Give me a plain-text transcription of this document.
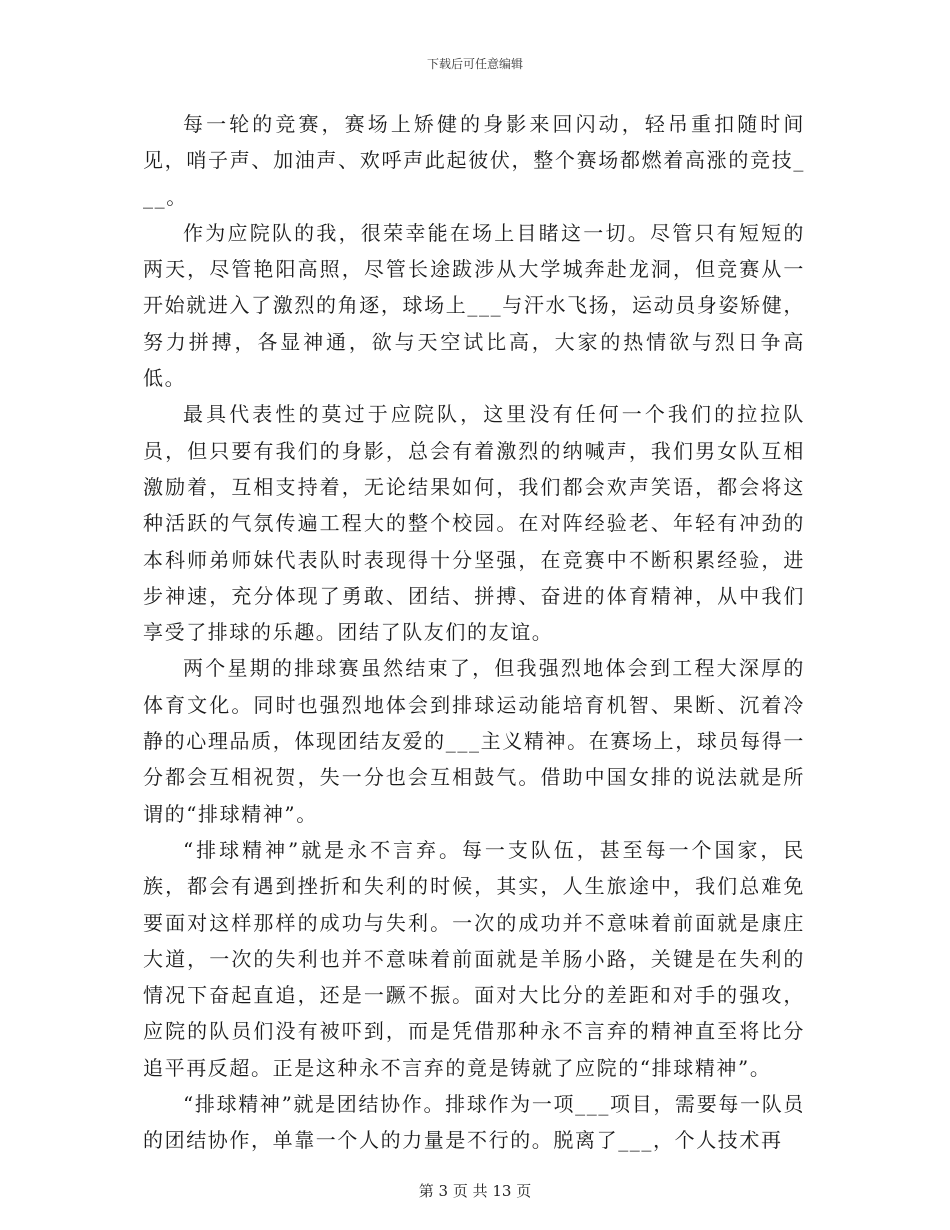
下载后可任意编辑

每一轮的竞赛，赛场上矫健的身影来回闪动，轻吊重扣随时间见，哨子声、加油声、欢呼声此起彼伏，整个赛场都燃着高涨的竞技___。

作为应院队的我，很荣幸能在场上目睹这一切。尽管只有短短的两天，尽管艳阳高照，尽管长途跋涉从大学城奔赴龙洞，但竞赛从一开始就进入了激烈的角逐，球场上___与汗水飞扬，运动员身姿矫健，努力拼搏，各显神通，欲与天空试比高，大家的热情欲与烈日争高低。

最具代表性的莫过于应院队，这里没有任何一个我们的拉拉队员，但只要有我们的身影，总会有着激烈的纳喊声，我们男女队互相激励着，互相支持着，无论结果如何，我们都会欢声笑语，都会将这种活跃的气氛传遍工程大的整个校园。在对阵经验老、年轻有冲劲的本科师弟师妹代表队时表现得十分坚强，在竞赛中不断积累经验，进步神速，充分体现了勇敢、团结、拼搏、奋进的体育精神，从中我们享受了排球的乐趣。团结了队友们的友谊。

两个星期的排球赛虽然结束了，但我强烈地体会到工程大深厚的体育文化。同时也强烈地体会到排球运动能培育机智、果断、沉着冷静的心理品质，体现团结友爱的___主义精神。在赛场上，球员每得一分都会互相祝贺，失一分也会互相鼓气。借助中国女排的说法就是所谓的“排球精神”。

“排球精神”就是永不言弃。每一支队伍，甚至每一个国家，民族，都会有遇到挫折和失利的时候，其实，人生旅途中，我们总难免要面对这样那样的成功与失利。一次的成功并不意味着前面就是康庄大道，一次的失利也并不意味着前面就是羊肠小路，关键是在失利的情况下奋起直追，还是一蹶不振。面对大比分的差距和对手的强攻，应院的队员们没有被吓到，而是凭借那种永不言弃的精神直至将比分追平再反超。正是这种永不言弃的竟是铸就了应院的“排球精神”。

“排球精神”就是团结协作。排球作为一项___项目，需要每一队员的团结协作，单靠一个人的力量是不行的。脱离了___，个人技术再

第 3 页 共 13 页
